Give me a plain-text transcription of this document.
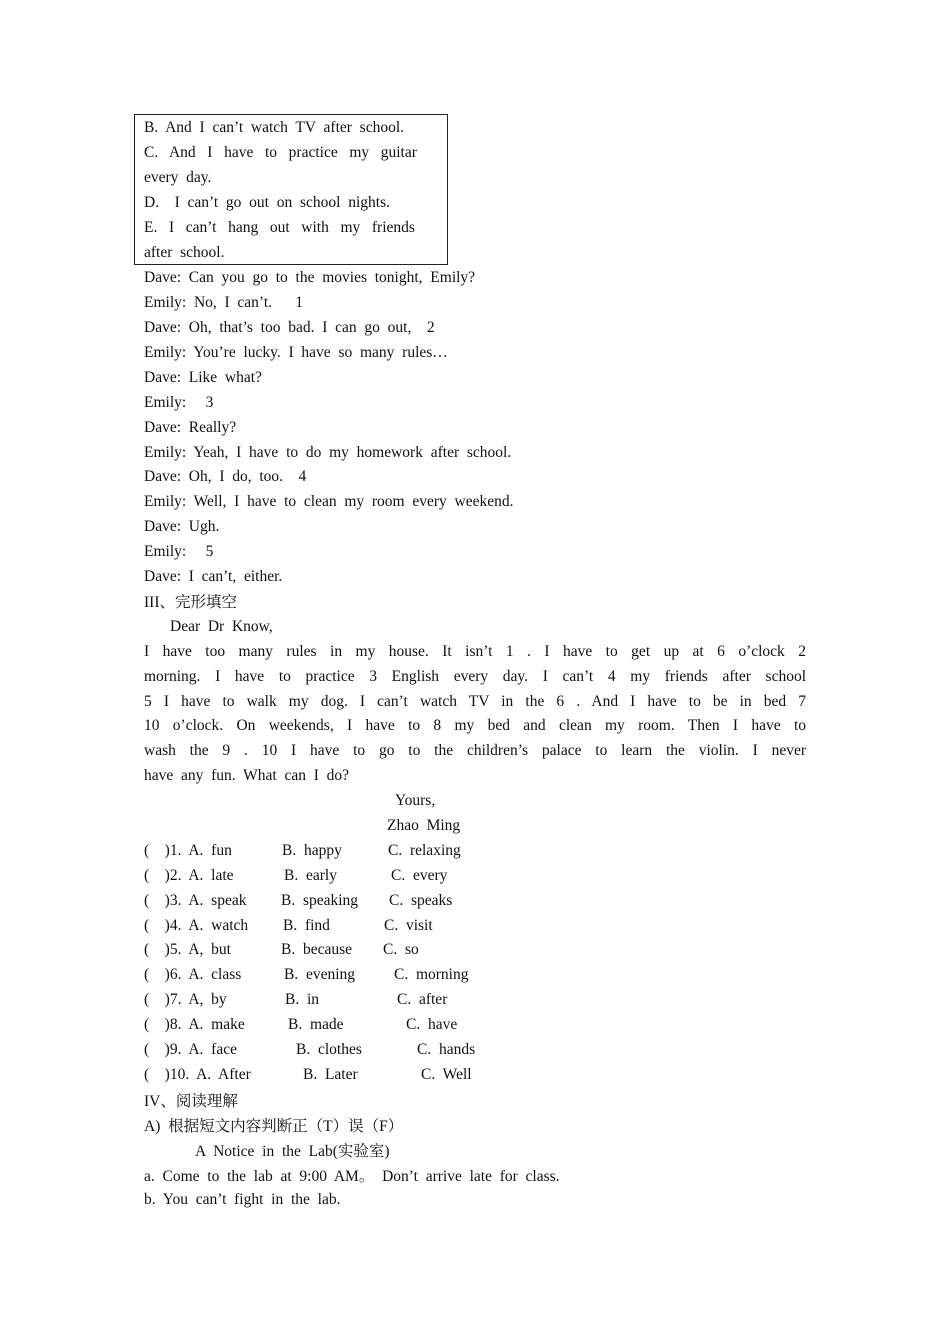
B.  And  I  can’t  watch  TV  after  school.
C.   And   I   have   to   practice   my   guitar
every  day.
D.    I  can’t  go  out  on  school  nights.
E.   I   can’t   hang   out   with   my   friends
after  school.
Dave:  Can  you  go  to  the  movies  tonight,  Emily?
Emily:  No,  I  can’t.      1
Dave:  Oh,  that’s  too  bad.  I  can  go  out,    2
Emily:  You’re  lucky.  I  have  so  many  rules…
Dave:  Like  what?
Emily:     3
Dave:  Really?
Emily:  Yeah,  I  have  to  do  my  homework  after  school.
Dave:  Oh,  I  do,  too.    4
Emily:  Well,  I  have  to  clean  my  room  every  weekend.
Dave:  Ugh.
Emily:     5
Dave:  I  can’t,  either.
III、完形填空
Dear  Dr  Know,
I have too many rules in my house. It isn’t 1 . I have to get up at 6 o’clock 2
morning. I have to practice 3 English every day. I can’t 4 my friends after school
5 I have to walk my dog. I can’t watch TV in the 6 . And I have to be in bed 7
10 o’clock. On weekends, I have to 8 my bed and clean my room. Then I have to
wash the 9 . 10 I have to go to the children’s palace to learn the violin. I never
have  any  fun.  What  can  I  do?
Yours,
Zhao  Ming
(    )1.  A.  fun	B.  happy	C.  relaxing
(    )2.  A.  late	B.  early	C.  every
(    )3.  A.  speak B.  speaking C.  speaks
(    )4.  A.  watch B.  find	C.  visit
(    )5.  A,  but	B.  because C.  so
(    )6.  A.  class	B.  evening	C.  morning
(    )7.  A,  by	B.  in	C.  after
(    )8.  A.  make	B.  made	C.  have
(    )9.  A.  face	B.  clothes	C.  hands
(    )10.  A.  After	B.  Later	C.  Well
IV、阅读理解
A)  根据短文内容判断正（T）误（F）
A  Notice  in  the  Lab(实验室)
a.  Come  to  the  lab  at  9:00  AM。  Don’t  arrive  late  for  class.
b.  You  can’t  fight  in  the  lab.
